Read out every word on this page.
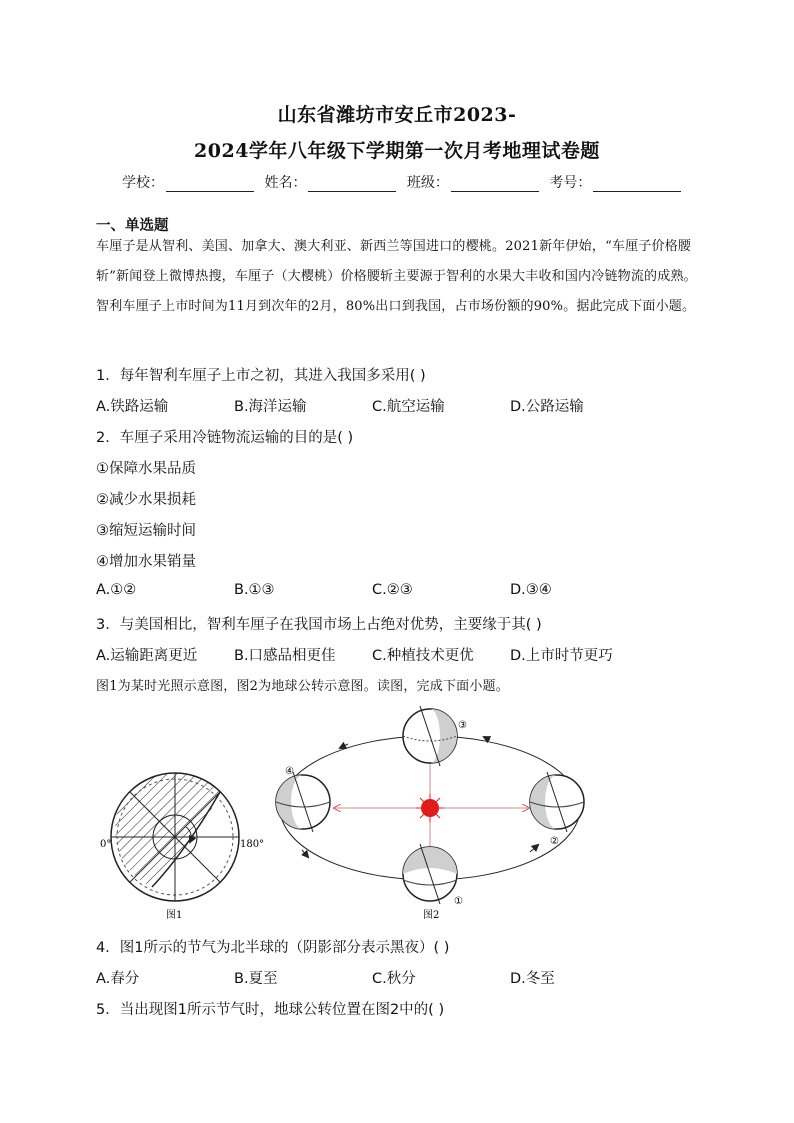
山东省潍坊市安丘市2023-
2024学年八年级下学期第一次月考地理试卷题
学校：	姓名：	班级：	考号：
一、单选题
车厘子是从智利、美国、加拿大、澳大利亚、新西兰等国进口的樱桃。2021新年伊始，“车厘子价格腰斩”新闻登上微博热搜，车厘子（大樱桃）价格腰斩主要源于智利的水果大丰收和国内冷链物流的成熟。智利车厘子上市时间为11月到次年的2月，80%出口到我国，占市场份额的90%。据此完成下面小题。
1．每年智利车厘子上市之初，其进入我国多采用( )
A.铁路运输	B.海洋运输	C.航空运输	D.公路运输
2．车厘子采用冷链物流运输的目的是( )
①保障水果品质
②减少水果损耗
③缩短运输时间
④增加水果销量
A.①②	B.①③	C.②③	D.③④
3．与美国相比，智利车厘子在我国市场上占绝对优势，主要缘于其( )
A.运输距离更近	B.口感品相更佳	C.种植技术更优	D.上市时节更巧
图1为某时光照示意图，图2为地球公转示意图。读图，完成下面小题。
0°	180°
图1
③
④
②
①
图2
4．图1所示的节气为北半球的（阴影部分表示黑夜）( )
A.春分	B.夏至	C.秋分	D.冬至
5．当出现图1所示节气时，地球公转位置在图2中的( )
